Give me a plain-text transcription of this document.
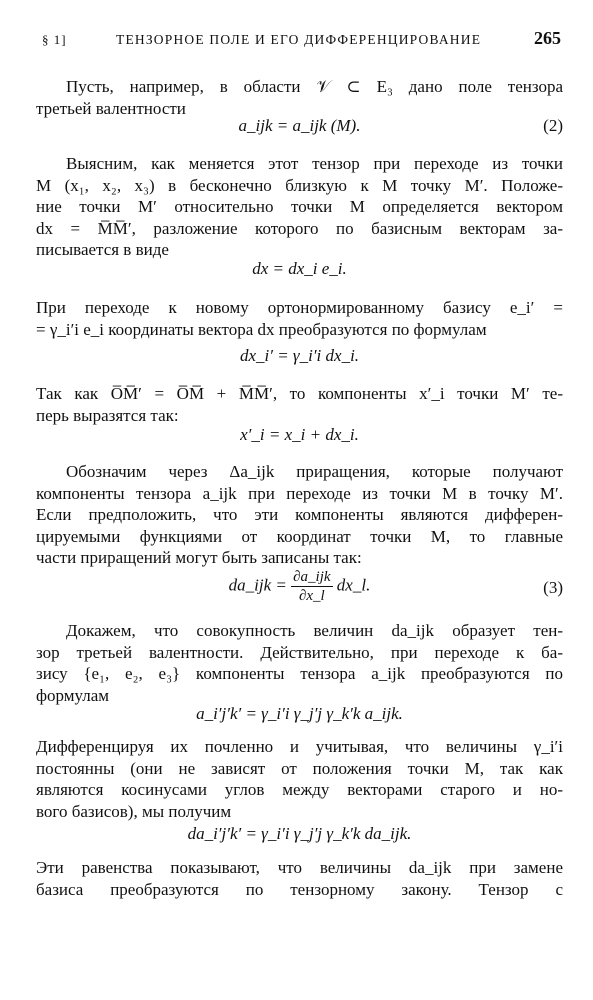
§ 1]	ТЕНЗОРНОЕ ПОЛЕ И ЕГО ДИФФЕРЕНЦИРОВАНИЕ	265
Пусть, например, в области 𝒱 ⊂ E₃ дано поле тензора
третьей валентности
a_ijk = a_ijk (M).	(2)
Выясним, как меняется этот тензор при переходе из точки
M (x₁, x₂, x₃) в бесконечно близкую к M точку M′. Положе-
ние точки M′ относительно точки M определяется вектором
dx = M̅M̅′, разложение которого по базисным векторам за-
писывается в виде
dx = dx_i e_i.
При переходе к новому ортонормированному базису e_i′ =
= γ_i′i e_i координаты вектора dx преобразуются по формулам
dx_i′ = γ_i′i dx_i.
Так как O̅M̅′ = O̅M̅ + M̅M̅′, то компоненты x′_i точки M′ те-
перь выразятся так:
x′_i = x_i + dx_i.
Обозначим через Δa_ijk приращения, которые получают
компоненты тензора a_ijk при переходе из точки M в точку M′.
Если предположить, что эти компоненты являются дифферен-
цируемыми функциями от координат точки M, то главные
части приращений могут быть записаны так:
da_ijk = $\frac{\text{∂a\_ijk}}{\partial x\_l}$ dx_l.	(3)
Докажем, что совокупность величин da_ijk образует тен-
зор третьей валентности. Действительно, при переходе к ба-
зису {e₁, e₂, e₃} компоненты тензора a_ijk преобразуются по
формулам
a_i′j′k′ = γ_i′i γ_j′j γ_k′k a_ijk.
Дифференцируя их почленно и учитывая, что величины γ_i′i
постоянны (они не зависят от положения точки M, так как
являются косинусами углов между векторами старого и но-
вого базисов), мы получим
da_i′j′k′ = γ_i′i γ_j′j γ_k′k da_ijk.
Эти равенства показывают, что величины da_ijk при замене
базиса преобразуются по тензорному закону. Тензор с
